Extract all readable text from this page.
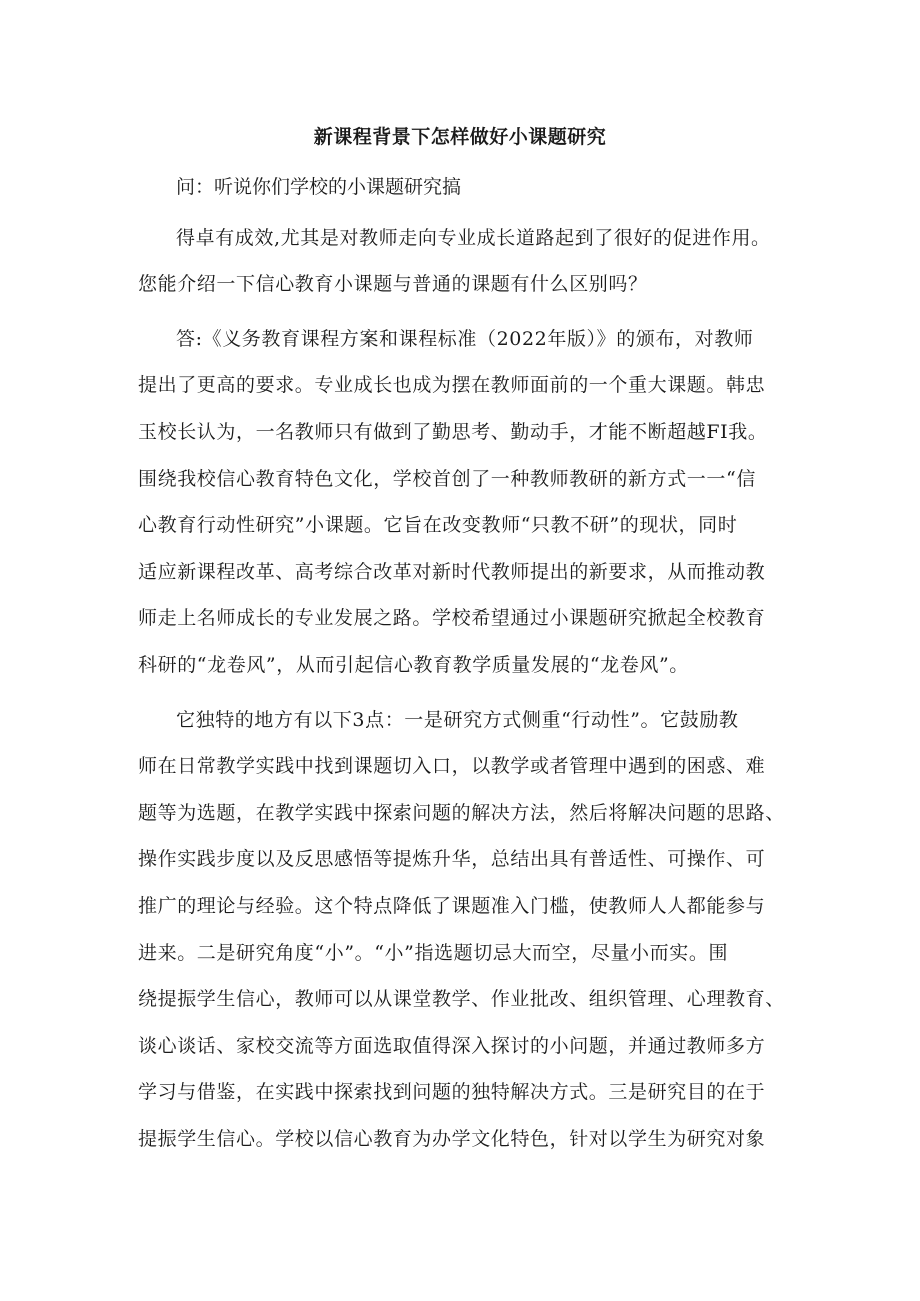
新课程背景下怎样做好小课题研究

问：听说你们学校的小课题研究搞

得卓有成效,尤其是对教师走向专业成长道路起到了很好的促进作用。

您能介绍一下信心教育小课题与普通的课题有什么区别吗？

答:《义务教育课程方案和课程标准（2022年版）》的颁布，对教师

提出了更高的要求。专业成长也成为摆在教师面前的一个重大课题。韩忠

玉校长认为，一名教师只有做到了勤思考、勤动手，才能不断超越FI我。

围绕我校信心教育特色文化，学校首创了一种教师教研的新方式一一“信

心教育行动性研究”小课题。它旨在改变教师“只教不研”的现状，同时

适应新课程改革、高考综合改革对新时代教师提出的新要求，从而推动教

师走上名师成长的专业发展之路。学校希望通过小课题研究掀起全校教育

科研的“龙卷风”，从而引起信心教育教学质量发展的“龙卷风”。

它独特的地方有以下3点：一是研究方式侧重“行动性”。它鼓励教

师在日常教学实践中找到课题切入口，以教学或者管理中遇到的困惑、难

题等为选题，在教学实践中探索问题的解决方法，然后将解决问题的思路、

操作实践步度以及反思感悟等提炼升华，总结出具有普适性、可操作、可

推广的理论与经验。这个特点降低了课题准入门槛，使教师人人都能参与

进来。二是研究角度“小”。“小”指选题切忌大而空，尽量小而实。围

绕提振学生信心，教师可以从课堂教学、作业批改、组织管理、心理教育、

谈心谈话、家校交流等方面选取值得深入探讨的小问题，并通过教师多方

学习与借鉴，在实践中探索找到问题的独特解决方式。三是研究目的在于

提振学生信心。学校以信心教育为办学文化特色，针对以学生为研究对象
